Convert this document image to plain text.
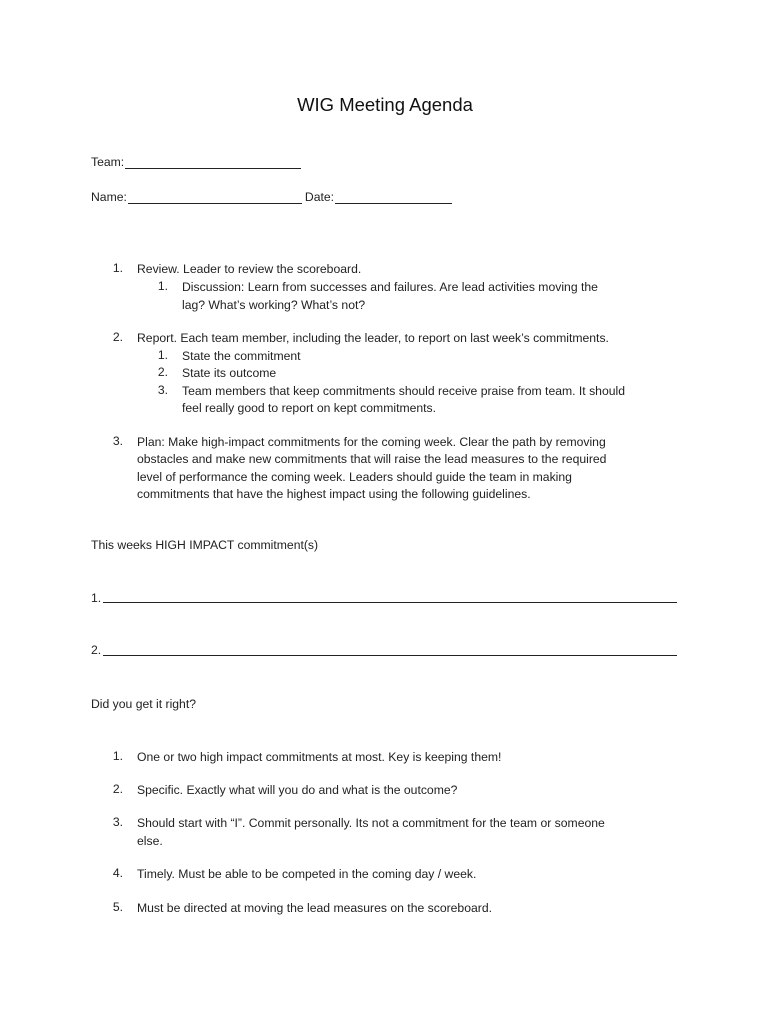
WIG Meeting Agenda
Team:
Name:	Date:
1. Review. Leader to review the scoreboard.
1. Discussion: Learn from successes and failures. Are lead activities moving the
lag? What’s working? What’s not?
2. Report. Each team member, including the leader, to report on last week’s commitments.
1. State the commitment
2. State its outcome
3. Team members that keep commitments should receive praise from team. It should
feel really good to report on kept commitments.
3. Plan: Make high-impact commitments for the coming week. Clear the path by removing
obstacles and make new commitments that will raise the lead measures to the required
level of performance the coming week. Leaders should guide the team in making
commitments that have the highest impact using the following guidelines.
This weeks HIGH IMPACT commitment(s)
1.
2.
Did you get it right?
1. One or two high impact commitments at most. Key is keeping them!
2. Specific. Exactly what will you do and what is the outcome?
3. Should start with “I”. Commit personally. Its not a commitment for the team or someone
else.
4. Timely. Must be able to be competed in the coming day / week.
5. Must be directed at moving the lead measures on the scoreboard.
